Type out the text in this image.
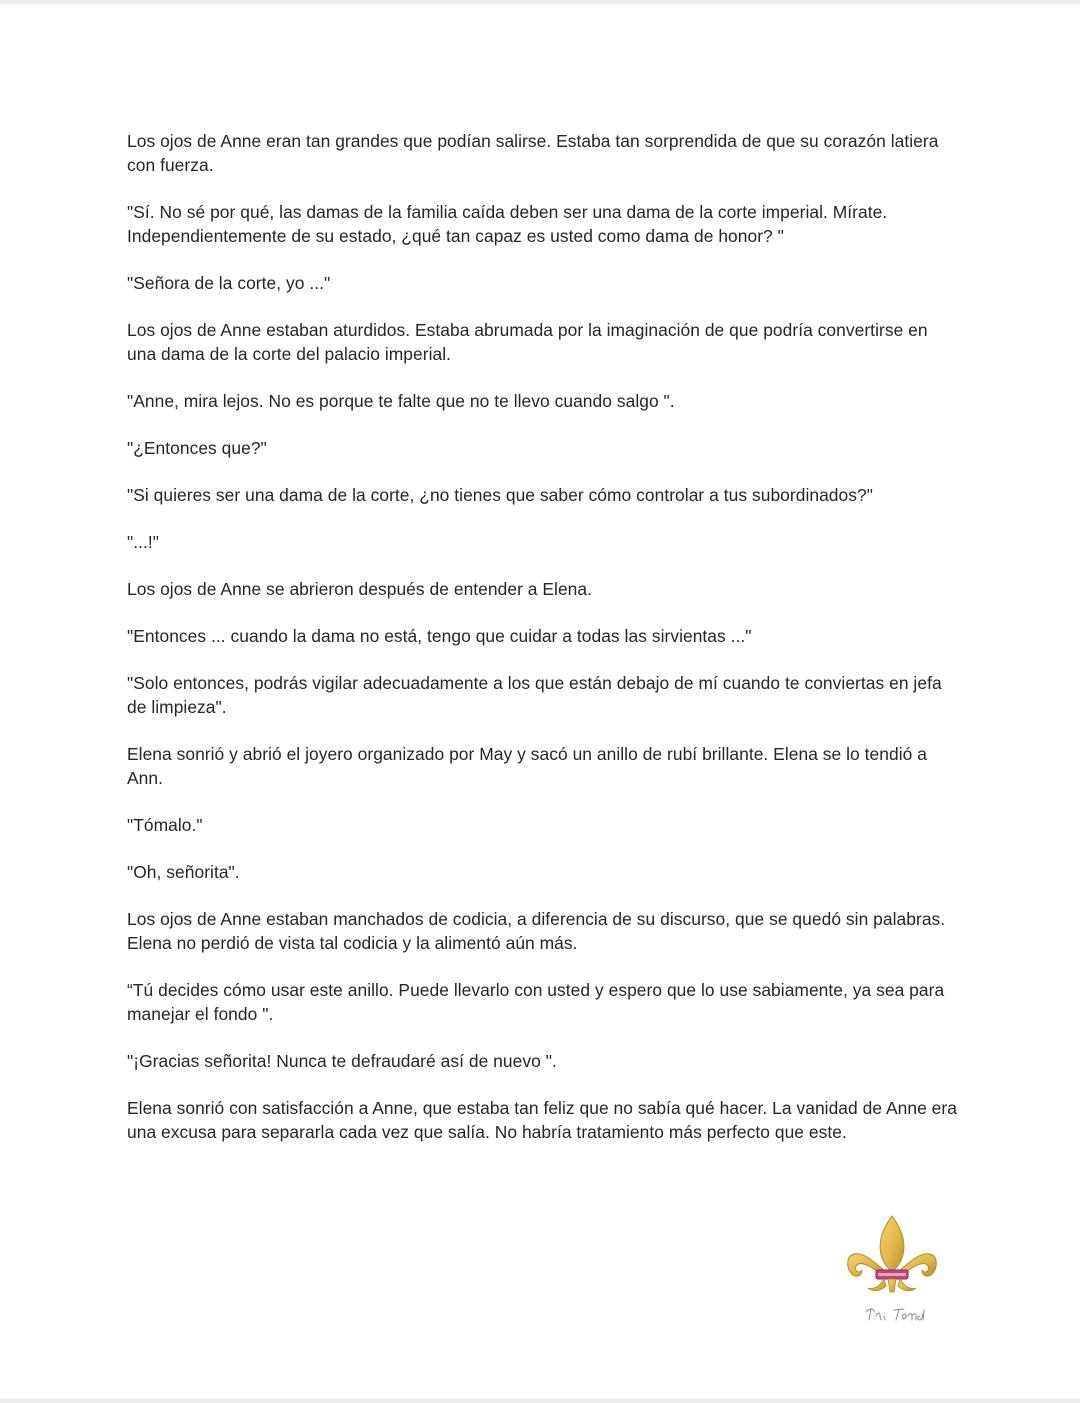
Los ojos de Anne eran tan grandes que podían salirse. Estaba tan sorprendida de que su corazón latiera con fuerza.

"Sí. No sé por qué, las damas de la familia caída deben ser una dama de la corte imperial. Mírate. Independientemente de su estado, ¿qué tan capaz es usted como dama de honor? "

"Señora de la corte, yo ..."

Los ojos de Anne estaban aturdidos. Estaba abrumada por la imaginación de que podría convertirse en una dama de la corte del palacio imperial.

"Anne, mira lejos. No es porque te falte que no te llevo cuando salgo ".

"¿Entonces que?"

"Si quieres ser una dama de la corte, ¿no tienes que saber cómo controlar a tus subordinados?"

"...!"

Los ojos de Anne se abrieron después de entender a Elena.

"Entonces ... cuando la dama no está, tengo que cuidar a todas las sirvientas ..."

"Solo entonces, podrás vigilar adecuadamente a los que están debajo de mí cuando te conviertas en jefa de limpieza".

Elena sonrió y abrió el joyero organizado por May y sacó un anillo de rubí brillante. Elena se lo tendió a Ann.

"Tómalo."

"Oh, señorita".

Los ojos de Anne estaban manchados de codicia, a diferencia de su discurso, que se quedó sin palabras. Elena no perdió de vista tal codicia y la alimentó aún más.

“Tú decides cómo usar este anillo. Puede llevarlo con usted y espero que lo use sabiamente, ya sea para manejar el fondo ".

"¡Gracias señorita! Nunca te defraudaré así de nuevo ".

Elena sonrió con satisfacción a Anne, que estaba tan feliz que no sabía qué hacer. La vanidad de Anne era una excusa para separarla cada vez que salía. No habría tratamiento más perfecto que este.
